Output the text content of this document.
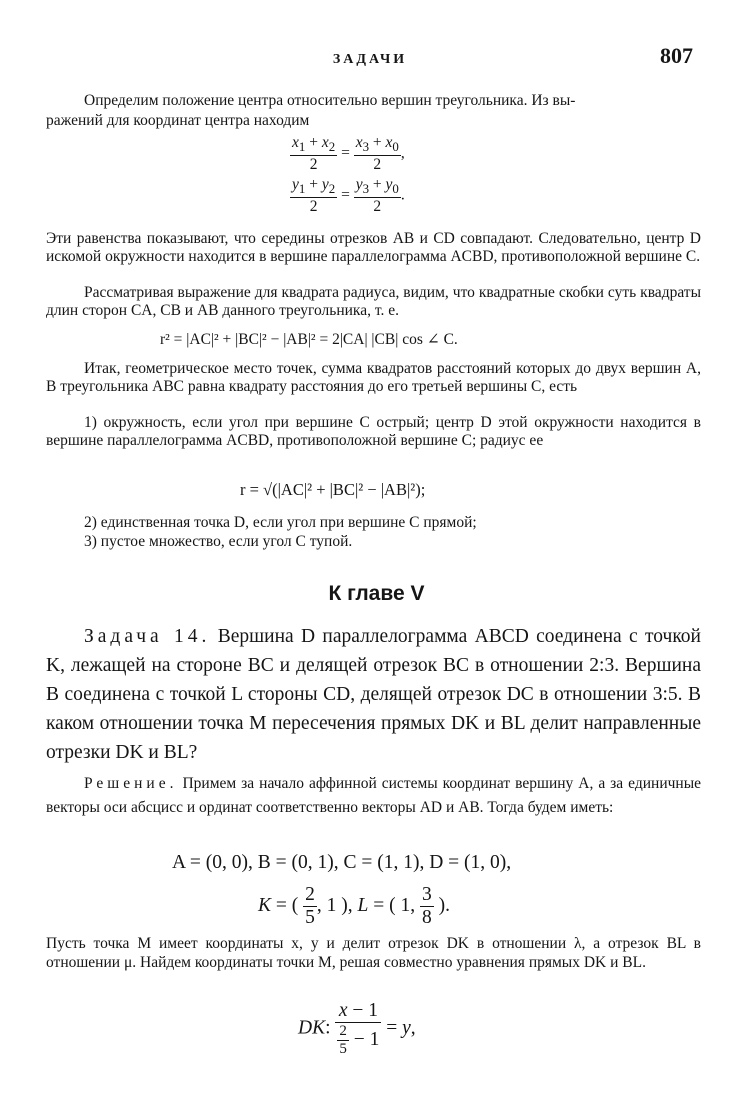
ЗАДАЧИ	807
Определим положение центра относительно вершин треугольника. Из вы-
ражений для координат центра находим
$\frac{x_1 + x_2}{2} = \frac{x_3 + x_0}{2}$ ,
$\frac{y_1 + y_2}{2} = \frac{y_3 + y_0}{2}$ .
Эти равенства показывают, что середины отрезков AB и CD совпадают. Следовательно, центр D искомой окружности находится в вершине параллелограмма ACBD, противоположной вершине C.
Рассматривая выражение для квадрата радиуса, видим, что квадратные скобки суть квадраты длин сторон CA, CB и AB данного треугольника, т. е.
r² = |AC|² + |BC|² − |AB|² = 2|CA| |CB| cos ∠ C.
Итак, геометрическое место точек, сумма квадратов расстояний которых до двух вершин A, B треугольника ABC равна квадрату расстояния до его третьей вершины C, есть
1) окружность, если угол при вершине C острый; центр D этой окружности находится в вершине параллелограмма ACBD, противоположной вершине C; радиус ее
r = √(|AC|² + |BC|² − |AB|²);
2) единственная точка D, если угол при вершине C прямой;
3) пустое множество, если угол C тупой.
К главе V
Задача 14. Вершина D параллелограмма ABCD соединена с точкой K, лежащей на стороне BC и делящей отрезок BC в отношении 2:3. Вершина B соединена с точкой L стороны CD, делящей отрезок DC в отношении 3:5. В каком отношении точка M пересечения прямых DK и BL делит направленные отрезки DK и BL?
Решение. Примем за начало аффинной системы координат вершину A, а за единичные векторы оси абсцисс и ординат соответственно векторы AD и AB. Тогда будем иметь:
A = (0, 0), B = (0, 1), C = (1, 1), D = (1, 0),
K = ( $\frac{2}{5}$ , 1 ), L = ( 1, $\frac{3}{8}$ ).
Пусть точка M имеет координаты x, y и делит отрезок DK в отношении λ, а отрезок BL в отношении μ. Найдем координаты точки M, решая совместно уравнения прямых DK и BL.
DK: $\frac{x - 1}{\frac{2}{5} - 1} = y$,
